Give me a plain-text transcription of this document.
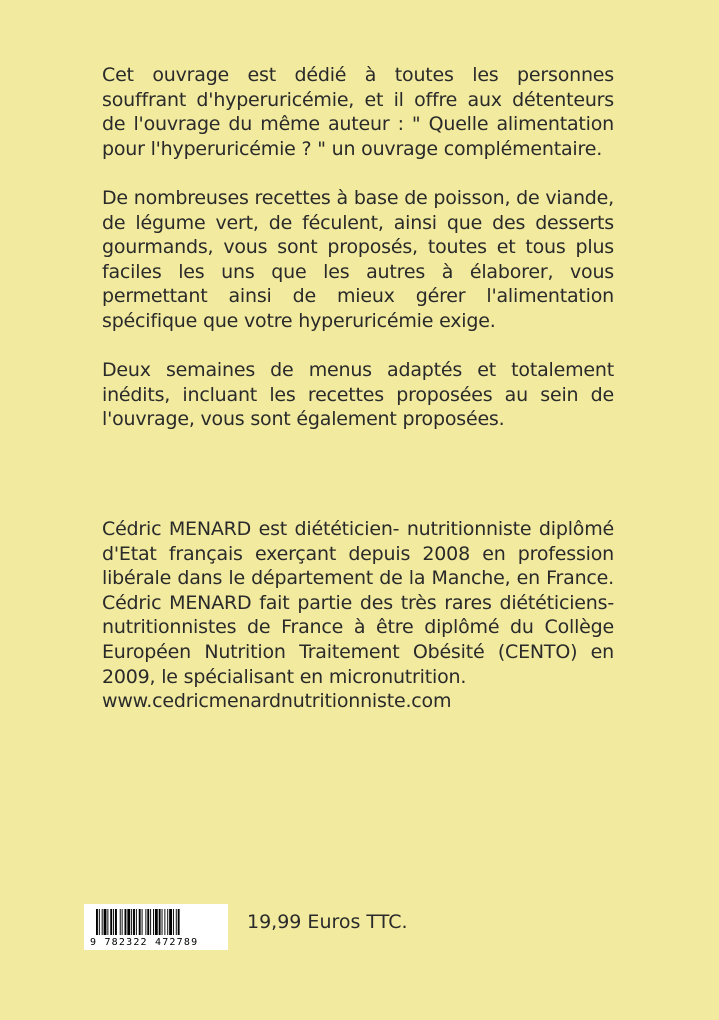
Cet ouvrage est dédié à toutes les personnes souffrant d'hyperuricémie, et il offre aux détenteurs de l'ouvrage du même auteur : " Quelle alimentation pour l'hyperuricémie ? " un ouvrage complémentaire.

De nombreuses recettes à base de poisson, de viande, de légume vert, de féculent, ainsi que des desserts gourmands, vous sont proposés, toutes et tous plus faciles les uns que les autres à élaborer, vous permettant ainsi de mieux gérer l'alimentation spécifique que votre hyperuricémie exige.

Deux semaines de menus adaptés et totalement inédits, incluant les recettes proposées au sein de l'ouvrage, vous sont également proposées.

Cédric MENARD est diététicien- nutritionniste diplômé d'Etat français exerçant depuis 2008 en profession libérale dans le département de la Manche, en France. Cédric MENARD fait partie des très rares diététiciens-nutritionnistes de France à être diplômé du Collège Européen Nutrition Traitement Obésité (CENTO) en 2009, le spécialisant en micronutrition.
www.cedricmenardnutritionniste.com
9 782322 472789
19,99 Euros TTC.
